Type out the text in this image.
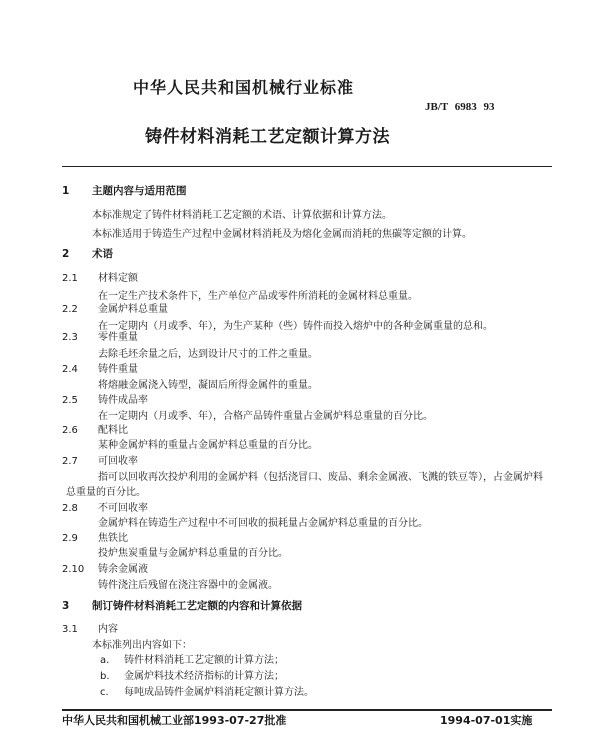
中华人民共和国机械行业标准
JB/T 6983 93
铸件材料消耗工艺定额计算方法
1 主题内容与适用范围
本标准规定了铸件材料消耗工艺定额的术语、计算依据和计算方法。
本标准适用于铸造生产过程中金属材料消耗及为熔化金属而消耗的焦碳等定额的计算。
2 术语
2.1 材料定额
在一定生产技术条件下，生产单位产品或零件所消耗的金属材料总重量。
2.2 金属炉料总重量
在一定期内（月或季、年），为生产某种（些）铸件而投入熔炉中的各种金属重量的总和。
2.3 零件重量
去除毛坯余量之后，达到设计尺寸的工件之重量。
2.4 铸件重量
将熔融金属浇入铸型，凝固后所得金属件的重量。
2.5 铸件成品率
在一定期内（月或季、年），合格产品铸件重量占金属炉料总重量的百分比。
2.6 配料比
某种金属炉料的重量占金属炉料总重量的百分比。
2.7 可回收率
指可以回收再次投炉利用的金属炉料（包括浇冒口、废品、剩余金属液、飞溅的铁豆等），占金属炉料
总重量的百分比。
2.8 不可回收率
金属炉料在铸造生产过程中不可回收的损耗量占金属炉料总重量的百分比。
2.9 焦铁比
投炉焦炭重量与金属炉料总重量的百分比。
2.10 铸余金属液
铸件浇注后残留在浇注容器中的金属液。
3 制订铸件材料消耗工艺定额的内容和计算依据
3.1 内容
本标准列出内容如下：
a. 铸件材料消耗工艺定额的计算方法；
b. 金属炉料技术经济指标的计算方法；
c. 每吨成品铸件金属炉料消耗定额计算方法。
中华人民共和国机械工业部1993-07-27批准	1994-07-01实施
